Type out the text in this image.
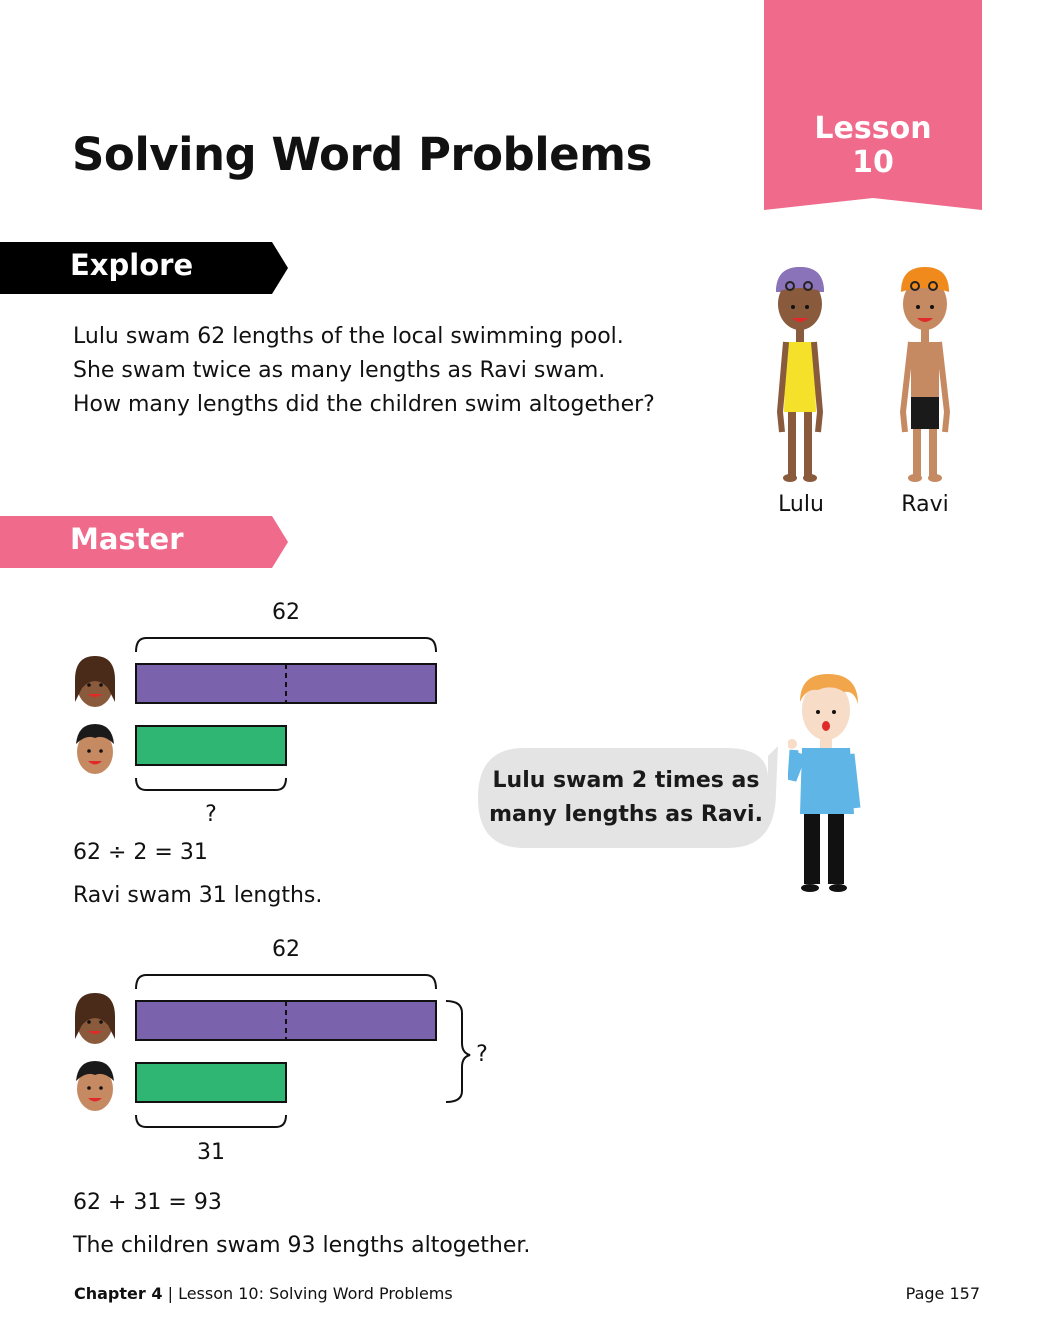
Lesson
10
Solving Word Problems
Explore
Lulu swam 62 lengths of the local swimming pool.
She swam twice as many lengths as Ravi swam.
How many lengths did the children swim altogether?
Lulu	Ravi
Master
62
?
62 ÷ 2 = 31
Ravi swam 31 lengths.
Lulu swam 2 times as
many lengths as Ravi.
62
?
31
62 + 31 = 93
The children swam 93 lengths altogether.
Chapter 4 | Lesson 10: Solving Word Problems	Page 157
